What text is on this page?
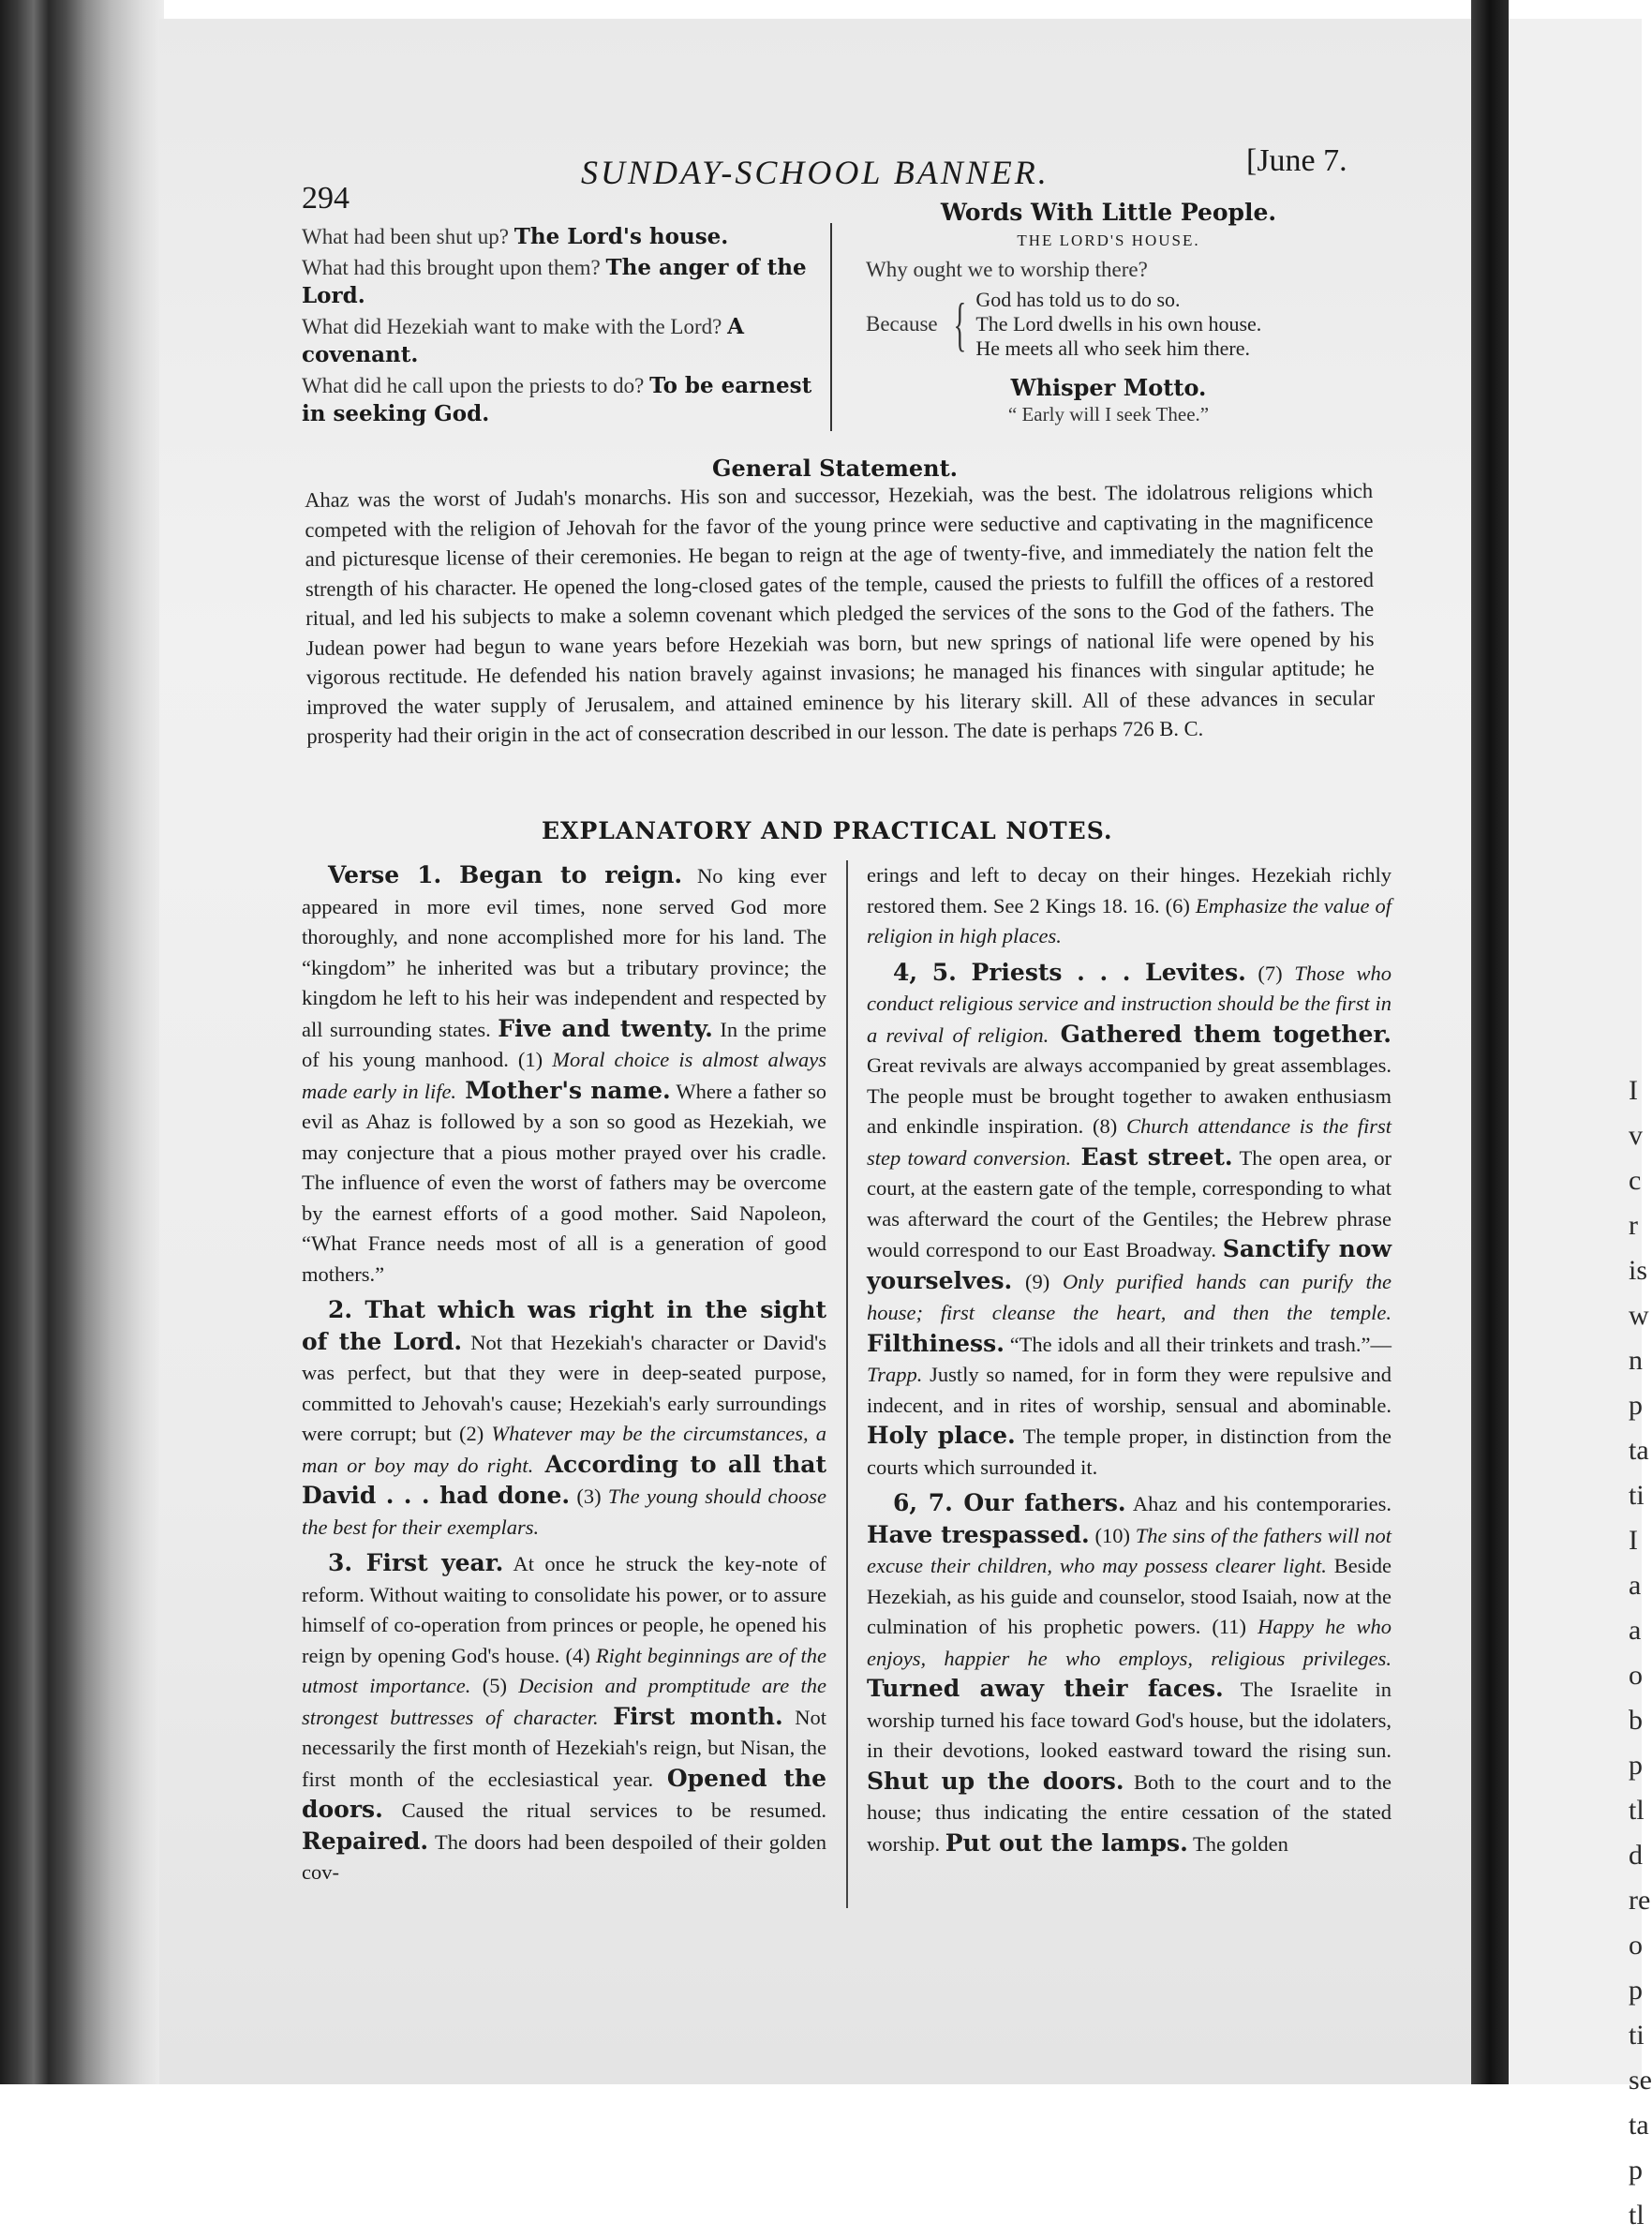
I
v
c
r
is
w
n
p
ta
ti
I
a
a
o
b
p
tl
d
re
o
p
ti
se
ta
p
tl
294
SUNDAY-SCHOOL BANNER.	[June 7.

What had been shut up? The Lord's house.

What had this brought upon them? The anger of the Lord.

What did Hezekiah want to make with the Lord? A covenant.

What did he call upon the priests to do? To be earnest in seeking God.

Words With Little People.
THE LORD'S HOUSE.
Why ought we to worship there?
Because { God has told us to do so.
The Lord dwells in his own house.
He meets all who seek him there.
Whisper Motto.
“ Early will I seek Thee.”
General Statement.
Ahaz was the worst of Judah's monarchs. His son and successor, Hezekiah, was the best. The idolatrous religions which competed with the religion of Jehovah for the favor of the young prince were seductive and captivating in the magnificence and picturesque license of their ceremonies. He began to reign at the age of twenty-five, and immediately the nation felt the strength of his character. He opened the long-closed gates of the temple, caused the priests to fulfill the offices of a restored ritual, and led his subjects to make a solemn covenant which pledged the services of the sons to the God of the fathers. The Judean power had begun to wane years before Hezekiah was born, but new springs of national life were opened by his vigorous rectitude. He defended his nation bravely against invasions; he managed his finances with singular aptitude; he improved the water supply of Jerusalem, and attained eminence by his literary skill. All of these advances in secular prosperity had their origin in the act of consecration described in our lesson. The date is perhaps 726 B. C.
EXPLANATORY AND PRACTICAL NOTES.

Verse 1. Began to reign. No king ever appeared in more evil times, none served God more thoroughly, and none accomplished more for his land. The “kingdom” he inherited was but a tributary province; the kingdom he left to his heir was independent and respected by all surrounding states. Five and twenty. In the prime of his young manhood. (1) Moral choice is almost always made early in life. Mother's name. Where a father so evil as Ahaz is followed by a son so good as Hezekiah, we may conjecture that a pious mother prayed over his cradle. The influence of even the worst of fathers may be overcome by the earnest efforts of a good mother. Said Napoleon, “What France needs most of all is a generation of good mothers.”

2. That which was right in the sight of the Lord. Not that Hezekiah's character or David's was perfect, but that they were in deep-seated purpose, committed to Jehovah's cause; Hezekiah's early surroundings were corrupt; but (2) Whatever may be the circumstances, a man or boy may do right. According to all that David . . . had done. (3) The young should choose the best for their exemplars.

3. First year. At once he struck the key-note of reform. Without waiting to consolidate his power, or to assure himself of co-operation from princes or people, he opened his reign by opening God's house. (4) Right beginnings are of the utmost importance. (5) Decision and promptitude are the strongest buttresses of character. First month. Not necessarily the first month of Hezekiah's reign, but Nisan, the first month of the ecclesiastical year. Opened the doors. Caused the ritual services to be resumed. Repaired. The doors had been despoiled of their golden cov-

erings and left to decay on their hinges. Hezekiah richly restored them. See 2 Kings 18. 16. (6) Emphasize the value of religion in high places.

4, 5. Priests . . . Levites. (7) Those who conduct religious service and instruction should be the first in a revival of religion. Gathered them together. Great revivals are always accompanied by great assemblages. The people must be brought together to awaken enthusiasm and enkindle inspiration. (8) Church attendance is the first step toward conversion. East street. The open area, or court, at the eastern gate of the temple, corresponding to what was afterward the court of the Gentiles; the Hebrew phrase would correspond to our East Broadway. Sanctify now yourselves. (9) Only purified hands can purify the house; first cleanse the heart, and then the temple. Filthiness. “The idols and all their trinkets and trash.”—Trapp. Justly so named, for in form they were repulsive and indecent, and in rites of worship, sensual and abominable. Holy place. The temple proper, in distinction from the courts which surrounded it.

6, 7. Our fathers. Ahaz and his contemporaries. Have trespassed. (10) The sins of the fathers will not excuse their children, who may possess clearer light. Beside Hezekiah, as his guide and counselor, stood Isaiah, now at the culmination of his prophetic powers. (11) Happy he who enjoys, happier he who employs, religious privileges. Turned away their faces. The Israelite in worship turned his face toward God's house, but the idolaters, in their devotions, looked eastward toward the rising sun. Shut up the doors. Both to the court and to the house; thus indicating the entire cessation of the stated worship. Put out the lamps. The golden
